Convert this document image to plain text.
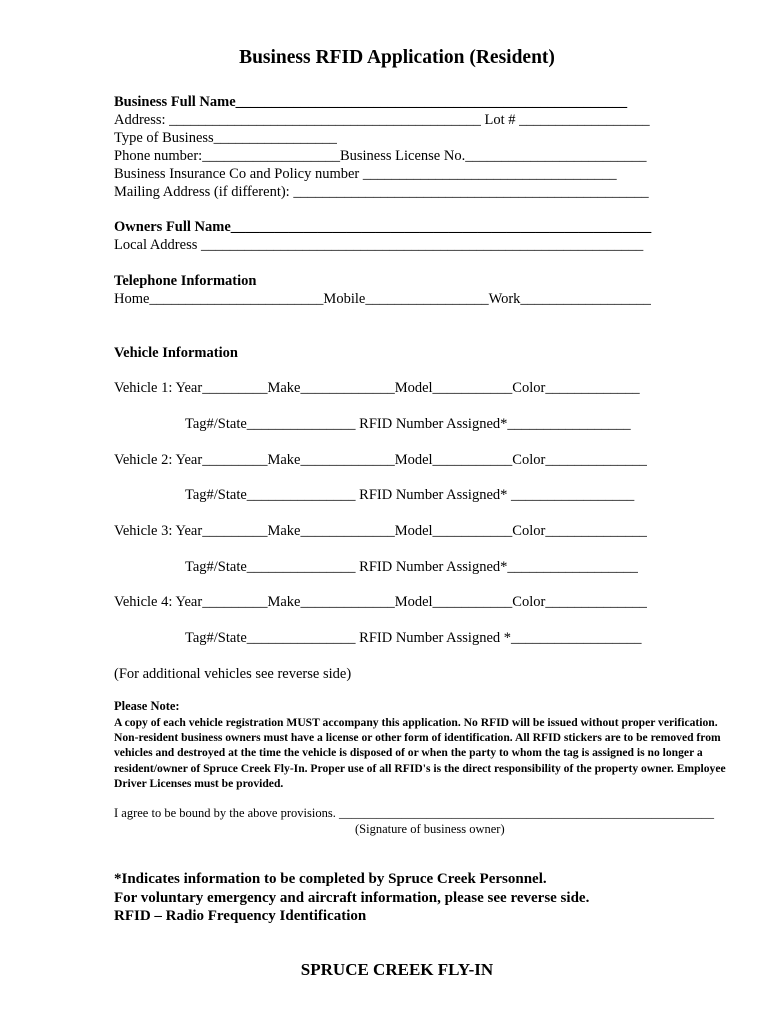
Business RFID Application (Resident)
Business Full Name______________________________________________________
Address: ___________________________________________ Lot # __________________
Type of Business_________________
Phone number:___________________Business License No._________________________
Business Insurance Co and Policy number ___________________________________
Mailing Address (if different): _________________________________________________
Owners Full Name__________________________________________________________
Local Address _____________________________________________________________
Telephone Information
Home________________________Mobile_________________Work__________________
Vehicle Information
Vehicle 1: Year_________Make_____________Model___________Color_____________
Tag#/State_______________ RFID Number Assigned*_________________
Vehicle 2: Year_________Make_____________Model___________Color______________
Tag#/State_______________ RFID Number Assigned* _________________
Vehicle 3: Year_________Make_____________Model___________Color______________
Tag#/State_______________ RFID Number Assigned*__________________
Vehicle 4: Year_________Make_____________Model___________Color______________
Tag#/State_______________ RFID Number Assigned *__________________
(For additional vehicles see reverse side)
Please Note:
A copy of each vehicle registration MUST accompany this application. No RFID will be issued without proper verification. Non-resident business owners must have a license or other form of identification. All RFID stickers are to be removed from vehicles and destroyed at the time the vehicle is disposed of or when the party to whom the tag is assigned is no longer a resident/owner of Spruce Creek Fly-In. Proper use of all RFID's is the direct responsibility of the property owner. Employee Driver Licenses must be provided.
I agree to be bound by the above provisions. ____________________________________________________________
(Signature of business owner)
*Indicates information to be completed by Spruce Creek Personnel.
For voluntary emergency and aircraft information, please see reverse side.
RFID – Radio Frequency Identification
SPRUCE CREEK FLY-IN
